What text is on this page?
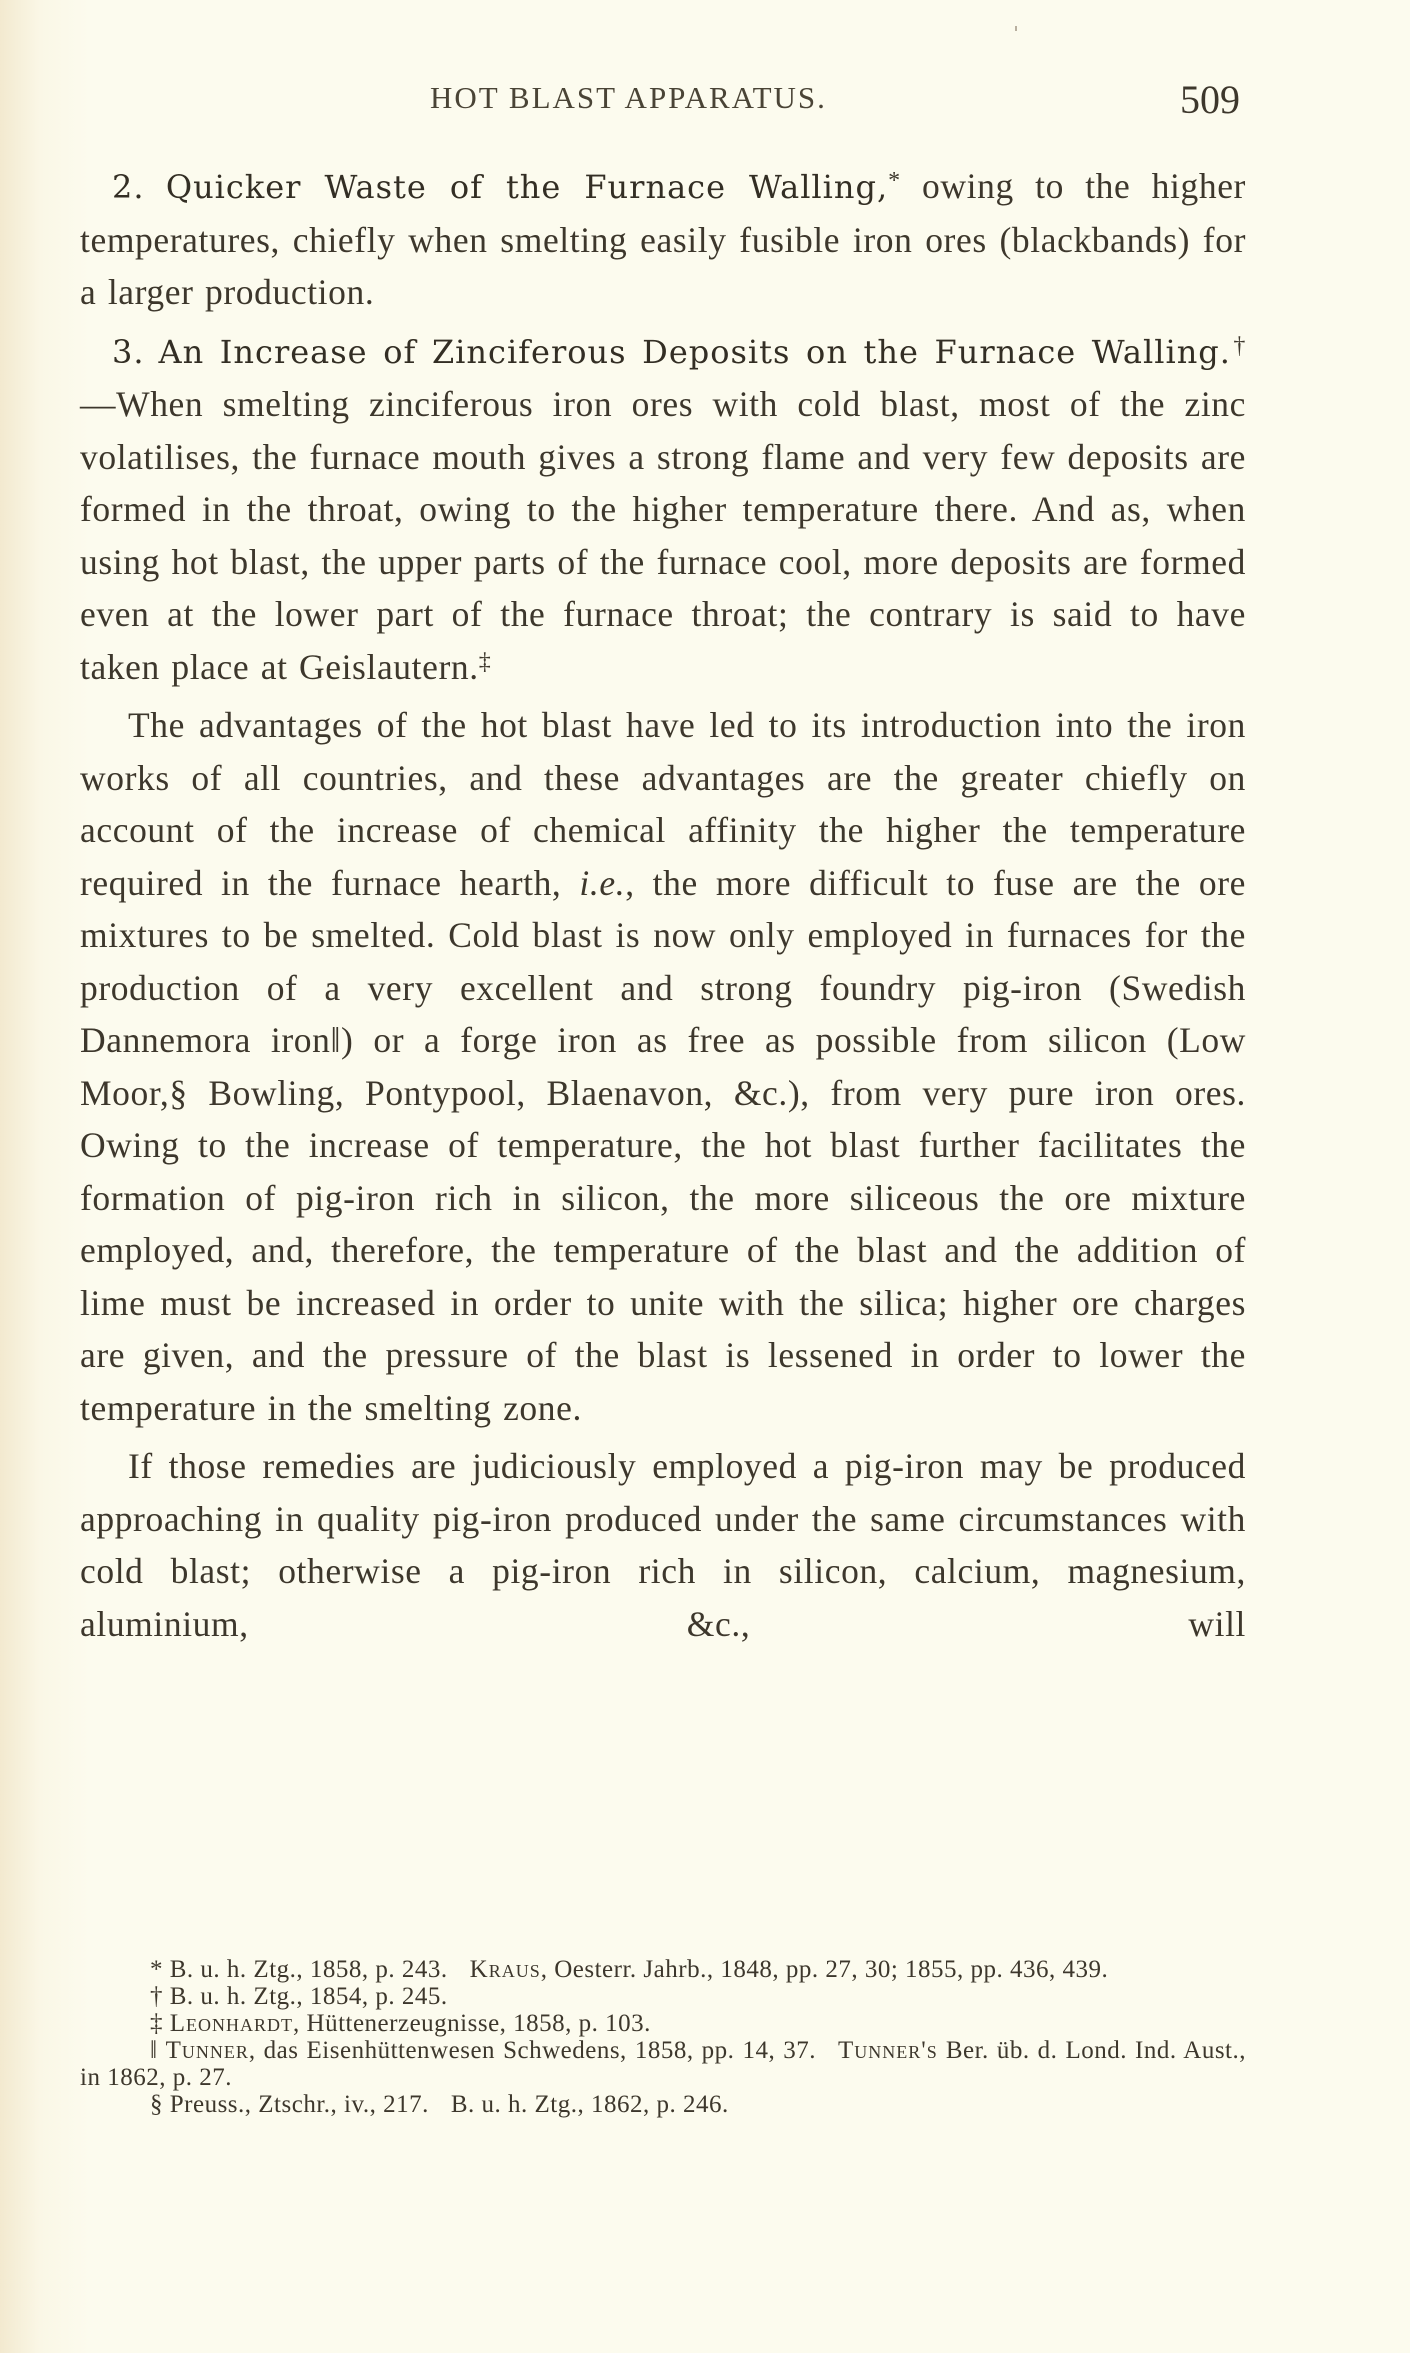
HOT BLAST APPARATUS.	509

2. Quicker Waste of the Furnace Walling,* owing to the higher temperatures, chiefly when smelting easily fusible iron ores (blackbands) for a larger production.

3. An Increase of Zinciferous Deposits on the Furnace Walling.†—When smelting zinciferous iron ores with cold blast, most of the zinc volatilises, the furnace mouth gives a strong flame and very few deposits are formed in the throat, owing to the higher temperature there. And as, when using hot blast, the upper parts of the furnace cool, more deposits are formed even at the lower part of the furnace throat; the contrary is said to have taken place at Geislautern.‡

The advantages of the hot blast have led to its introduction into the iron works of all countries, and these advantages are the greater chiefly on account of the increase of chemical affinity the higher the temperature required in the furnace hearth, i.e., the more difficult to fuse are the ore mixtures to be smelted. Cold blast is now only employed in furnaces for the production of a very excellent and strong foundry pig-iron (Swedish Dannemora iron‖) or a forge iron as free as possible from silicon (Low Moor,§ Bowling, Pontypool, Blaenavon, &c.), from very pure iron ores. Owing to the increase of temperature, the hot blast further facilitates the formation of pig-iron rich in silicon, the more siliceous the ore mixture employed, and, therefore, the temperature of the blast and the addition of lime must be increased in order to unite with the silica; higher ore charges are given, and the pressure of the blast is lessened in order to lower the temperature in the smelting zone.

If those remedies are judiciously employed a pig-iron may be produced approaching in quality pig-iron produced under the same circumstances with cold blast; otherwise a pig-iron rich in silicon, calcium, magnesium, aluminium, &c., will

* B. u. h. Ztg., 1858, p. 243. Kraus, Oesterr. Jahrb., 1848, pp. 27, 30; 1855, pp. 436, 439.

† B. u. h. Ztg., 1854, p. 245.

‡ Leonhardt, Hüttenerzeugnisse, 1858, p. 103.

‖ Tunner, das Eisenhüttenwesen Schwedens, 1858, pp. 14, 37. Tunner's Ber. üb. d. Lond. Ind. Aust., in 1862, p. 27.

§ Preuss., Ztschr., iv., 217. B. u. h. Ztg., 1862, p. 246.
